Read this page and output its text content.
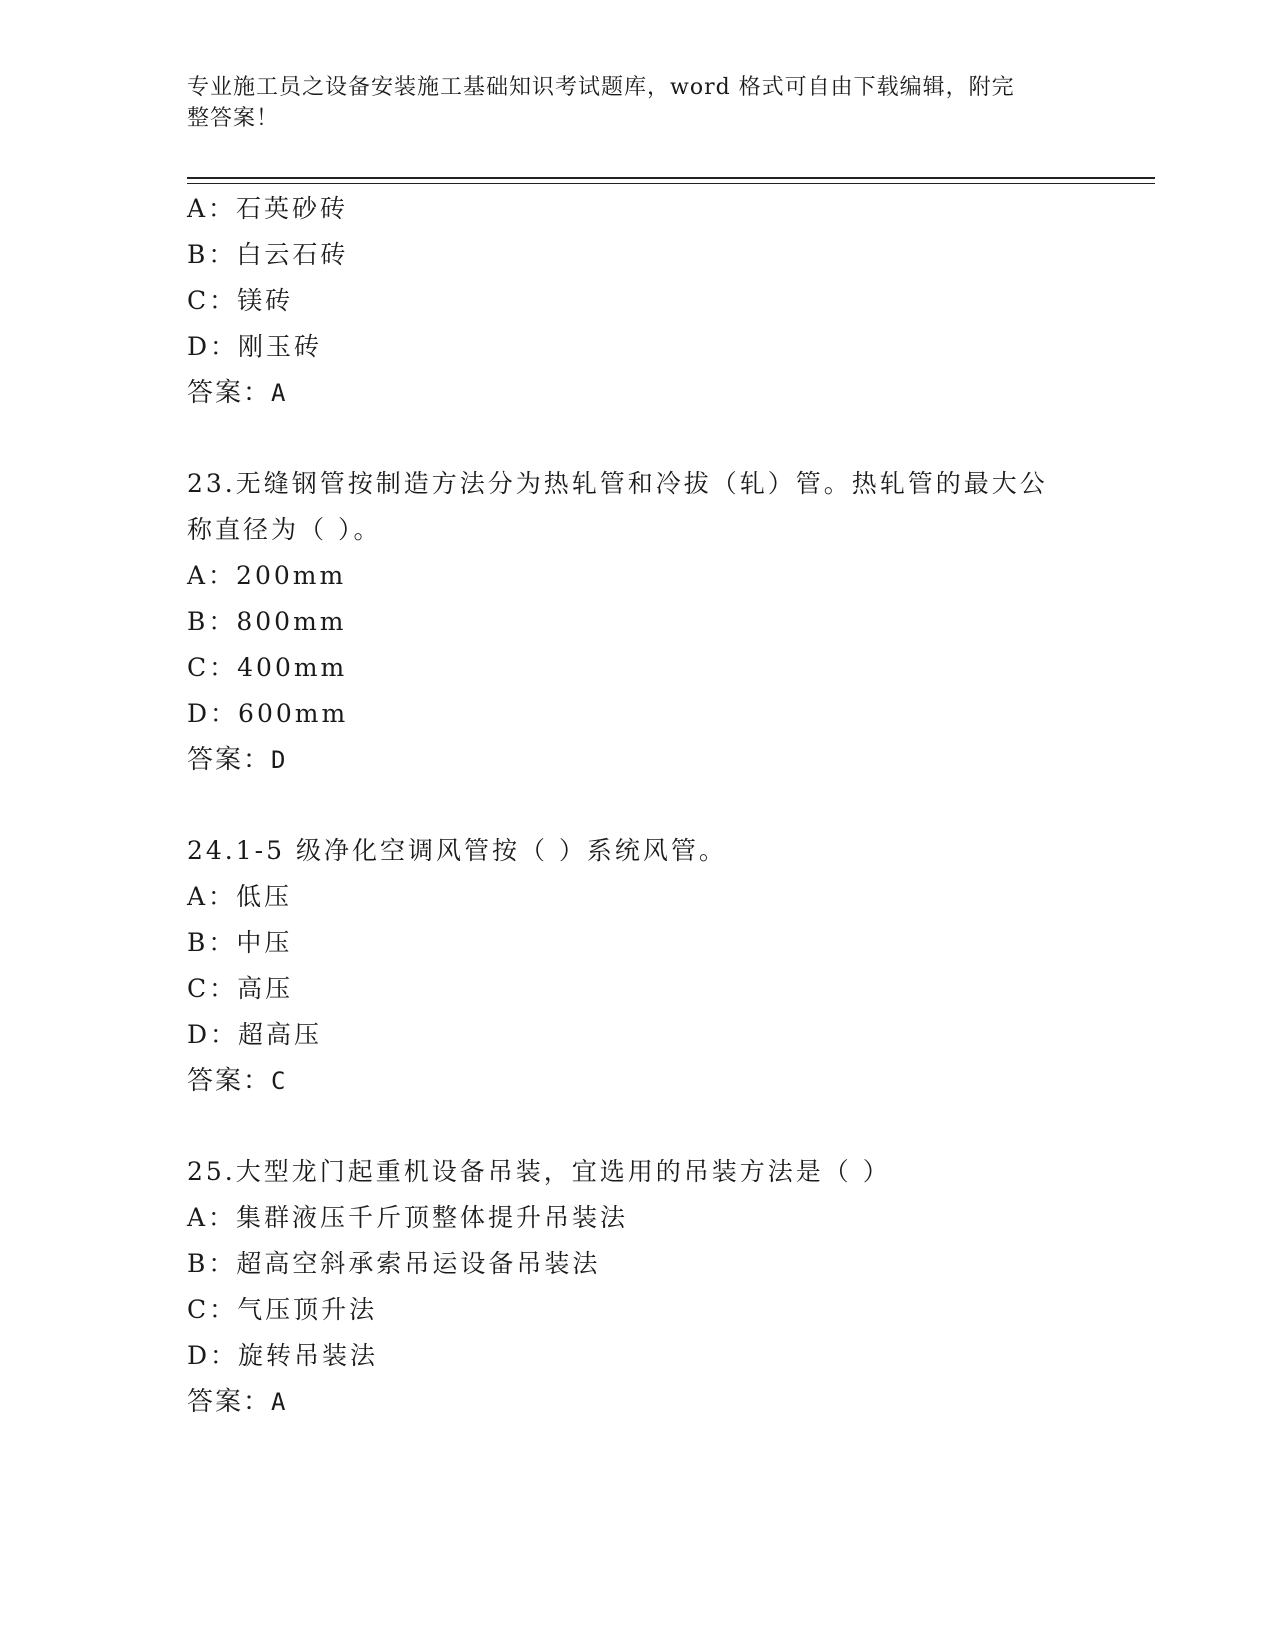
专业施工员之设备安装施工基础知识考试题库，word 格式可自由下载编辑，附完
整答案！
A：石英砂砖
B：白云石砖
C：镁砖
D：刚玉砖
答案：A
23.无缝钢管按制造方法分为热轧管和冷拔（轧）管。热轧管的最大公
称直径为（ ）。
A：200mm
B：800mm
C：400mm
D：600mm
答案：D
24.1-5 级净化空调风管按（ ）系统风管。
A：低压
B：中压
C：高压
D：超高压
答案：C
25.大型龙门起重机设备吊装，宜选用的吊装方法是（ ）
A：集群液压千斤顶整体提升吊装法
B：超高空斜承索吊运设备吊装法
C：气压顶升法
D：旋转吊装法
答案：A
